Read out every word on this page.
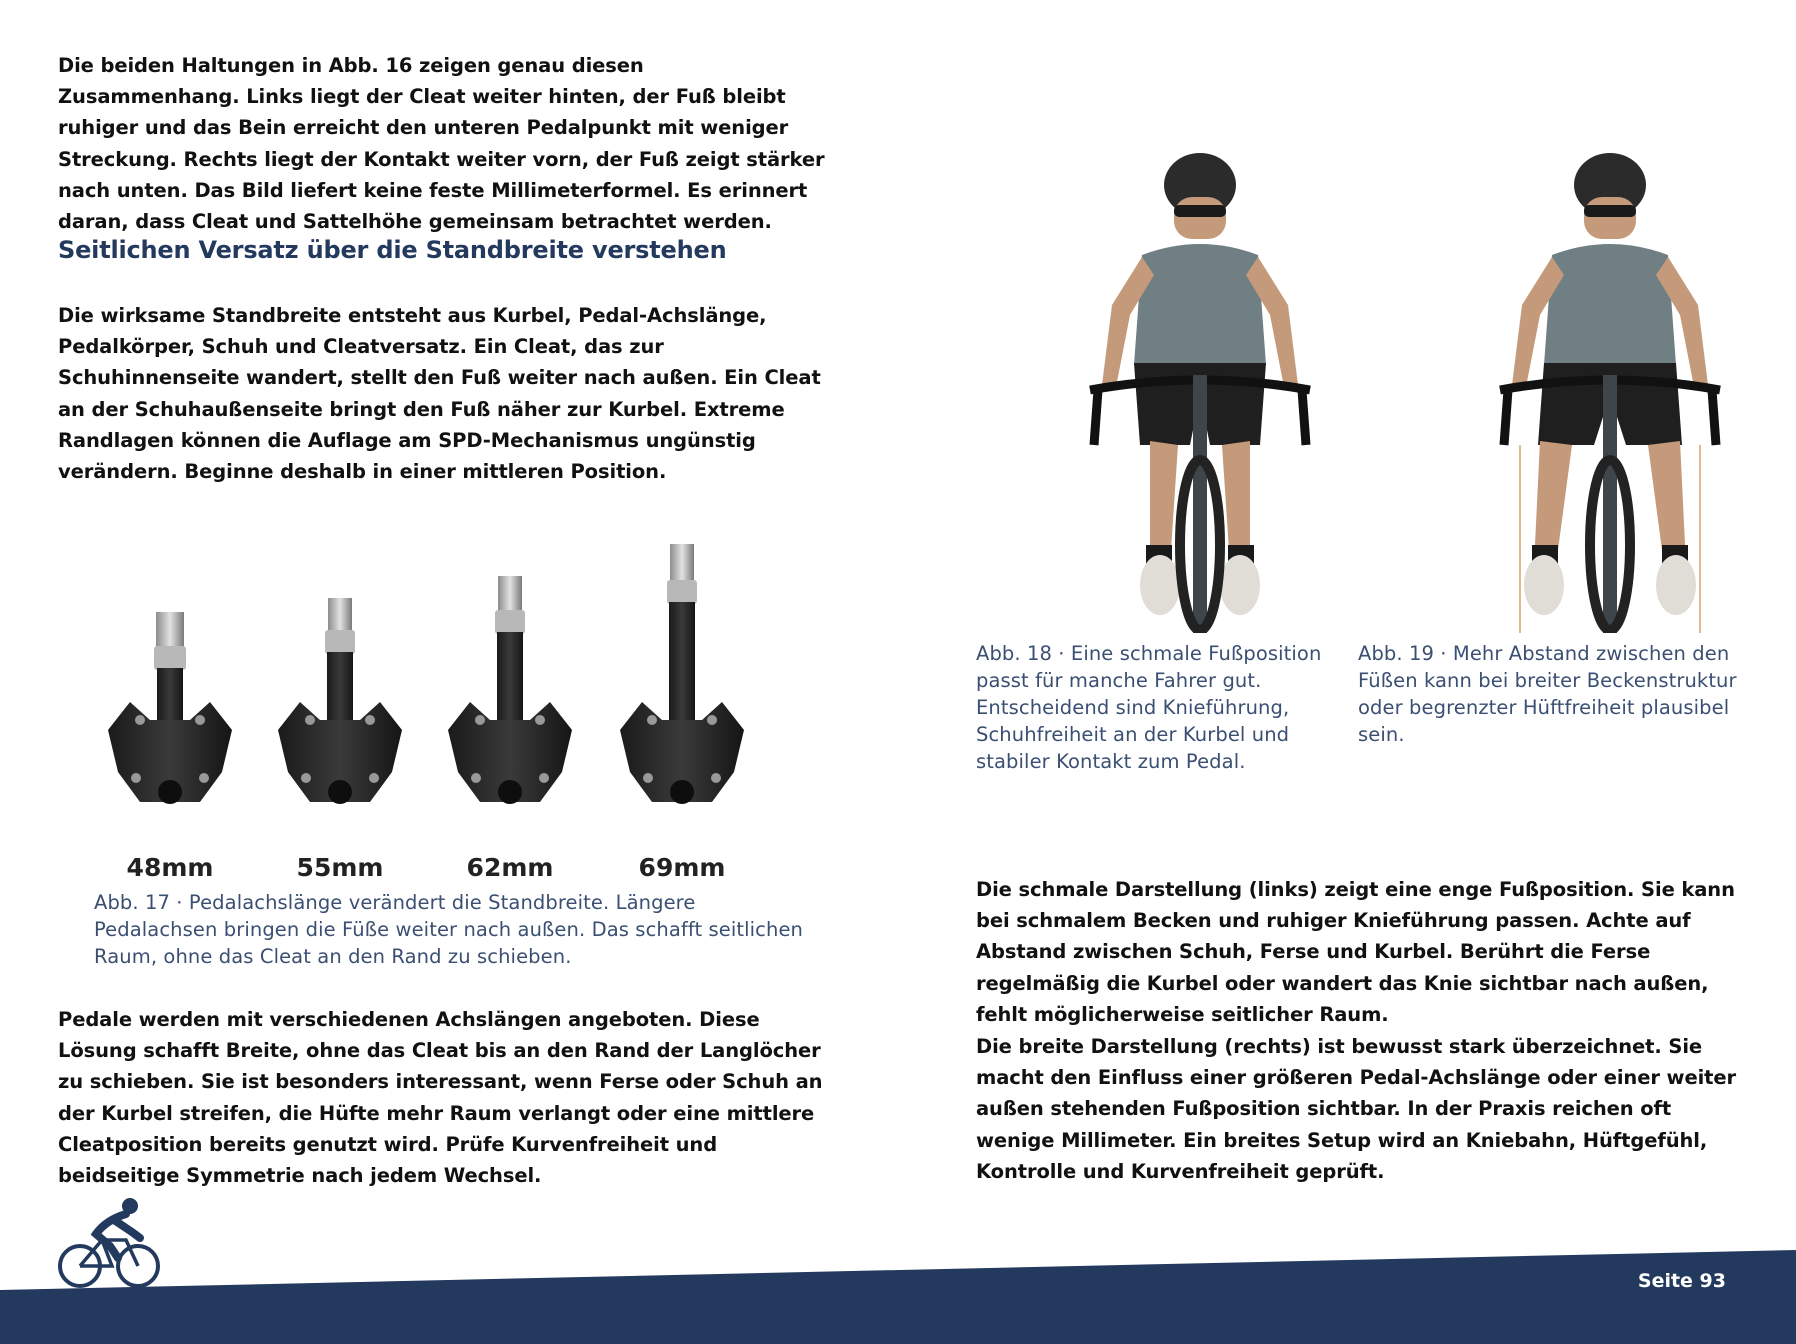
Die beiden Haltungen in Abb. 16 zeigen genau diesen Zusammenhang. Links liegt der Cleat weiter hinten, der Fuß bleibt ruhiger und das Bein erreicht den unteren Pedalpunkt mit weniger Streckung. Rechts liegt der Kontakt weiter vorn, der Fuß zeigt stärker nach unten. Das Bild liefert keine feste Millimeterformel. Es erinnert daran, dass Cleat und Sattelhöhe gemeinsam betrachtet werden.

Seitlichen Versatz über die Standbreite verstehen

Die wirksame Standbreite entsteht aus Kurbel, Pedal-Achslänge, Pedalkörper, Schuh und Cleatversatz. Ein Cleat, das zur Schuhinnenseite wandert, stellt den Fuß weiter nach außen. Ein Cleat an der Schuhaußenseite bringt den Fuß näher zur Kurbel. Extreme Randlagen können die Auflage am SPD-Mechanismus ungünstig verändern. Beginne deshalb in einer mittleren Position.

48mm	55mm	62mm	69mm

Abb. 17 · Pedalachslänge verändert die Standbreite. Längere Pedalachsen bringen die Füße weiter nach außen. Das schafft seitlichen Raum, ohne das Cleat an den Rand zu schieben.

Pedale werden mit verschiedenen Achslängen angeboten. Diese Lösung schafft Breite, ohne das Cleat bis an den Rand der Langlöcher zu schieben. Sie ist besonders interessant, wenn Ferse oder Schuh an der Kurbel streifen, die Hüfte mehr Raum verlangt oder eine mittlere Cleatposition bereits genutzt wird. Prüfe Kurvenfreiheit und beidseitige Symmetrie nach jedem Wechsel.

Abb. 18 · Eine schmale Fußposition passt für manche Fahrer gut. Entscheidend sind Knieführung, Schuhfreiheit an der Kurbel und stabiler Kontakt zum Pedal.

Abb. 19 · Mehr Abstand zwischen den Füßen kann bei breiter Beckenstruktur oder begrenzter Hüftfreiheit plausibel sein.

Die schmale Darstellung (links) zeigt eine enge Fußposition. Sie kann bei schmalem Becken und ruhiger Knieführung passen. Achte auf Abstand zwischen Schuh, Ferse und Kurbel. Berührt die Ferse regelmäßig die Kurbel oder wandert das Knie sichtbar nach außen, fehlt möglicherweise seitlicher Raum.

Die breite Darstellung (rechts) ist bewusst stark überzeichnet. Sie macht den Einfluss einer größeren Pedal-Achslänge oder einer weiter außen stehenden Fußposition sichtbar. In der Praxis reichen oft wenige Millimeter. Ein breites Setup wird an Kniebahn, Hüftgefühl, Kontrolle und Kurvenfreiheit geprüft.

Seite 93
